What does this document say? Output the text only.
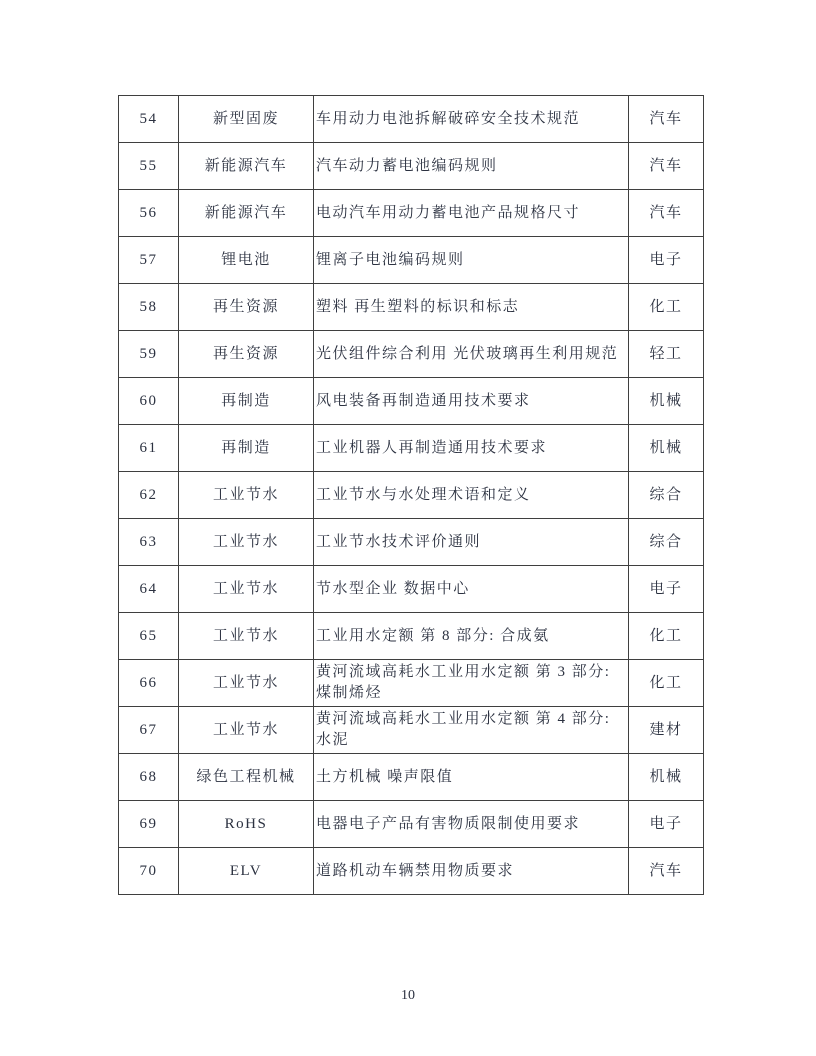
54	新型固废	车用动力电池拆解破碎安全技术规范	汽车
55	新能源汽车	汽车动力蓄电池编码规则	汽车
56	新能源汽车	电动汽车用动力蓄电池产品规格尺寸	汽车
57	锂电池	锂离子电池编码规则	电子
58	再生资源	塑料 再生塑料的标识和标志	化工
59	再生资源	光伏组件综合利用 光伏玻璃再生利用规范	轻工
60	再制造	风电装备再制造通用技术要求	机械
61	再制造	工业机器人再制造通用技术要求	机械
62	工业节水	工业节水与水处理术语和定义	综合
63	工业节水	工业节水技术评价通则	综合
64	工业节水	节水型企业 数据中心	电子
65	工业节水	工业用水定额 第 8 部分: 合成氨	化工
66	工业节水	黄河流域高耗水工业用水定额 第 3 部分: 煤制烯烃	化工
67	工业节水	黄河流域高耗水工业用水定额 第 4 部分: 水泥	建材
68	绿色工程机械	土方机械 噪声限值	机械
69	RoHS	电器电子产品有害物质限制使用要求	电子
70	ELV	道路机动车辆禁用物质要求	汽车
10
